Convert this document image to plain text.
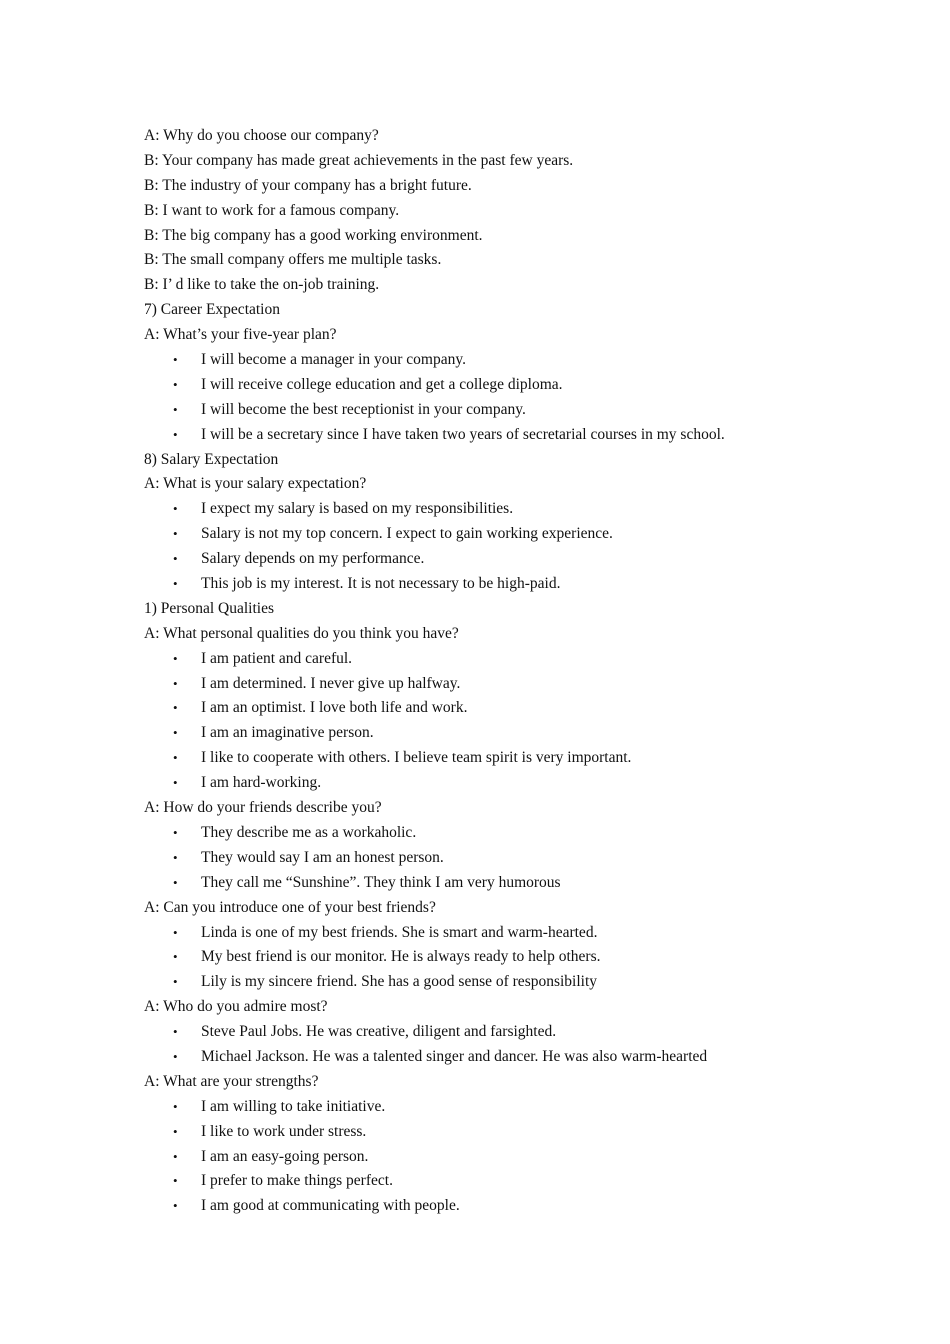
A: Why do you choose our company?
B: Your company has made great achievements in the past few years.
B: The industry of your company has a bright future.
B: I want to work for a famous company.
B: The big company has a good working environment.
B: The small company offers me multiple tasks.
B: I’ d like to take the on-job training.
7) Career Expectation
A: What’s your five-year plan?
• I will become a manager in your company.
• I will receive college education and get a college diploma.
• I will become the best receptionist in your company.
• I will be a secretary since I have taken two years of secretarial courses in my school.
8) Salary Expectation
A: What is your salary expectation?
• I expect my salary is based on my responsibilities.
• Salary is not my top concern. I expect to gain working experience.
• Salary depends on my performance.
• This job is my interest. It is not necessary to be high-paid.
1) Personal Qualities
A: What personal qualities do you think you have?
• I am patient and careful.
• I am determined. I never give up halfway.
• I am an optimist. I love both life and work.
• I am an imaginative person.
• I like to cooperate with others. I believe team spirit is very important.
• I am hard-working.
A: How do your friends describe you?
• They describe me as a workaholic.
• They would say I am an honest person.
• They call me “Sunshine”. They think I am very humorous
A: Can you introduce one of your best friends?
• Linda is one of my best friends. She is smart and warm-hearted.
• My best friend is our monitor. He is always ready to help others.
• Lily is my sincere friend. She has a good sense of responsibility
A: Who do you admire most?
• Steve Paul Jobs. He was creative, diligent and farsighted.
• Michael Jackson. He was a talented singer and dancer. He was also warm-hearted
A: What are your strengths?
• I am willing to take initiative.
• I like to work under stress.
• I am an easy-going person.
• I prefer to make things perfect.
• I am good at communicating with people.
